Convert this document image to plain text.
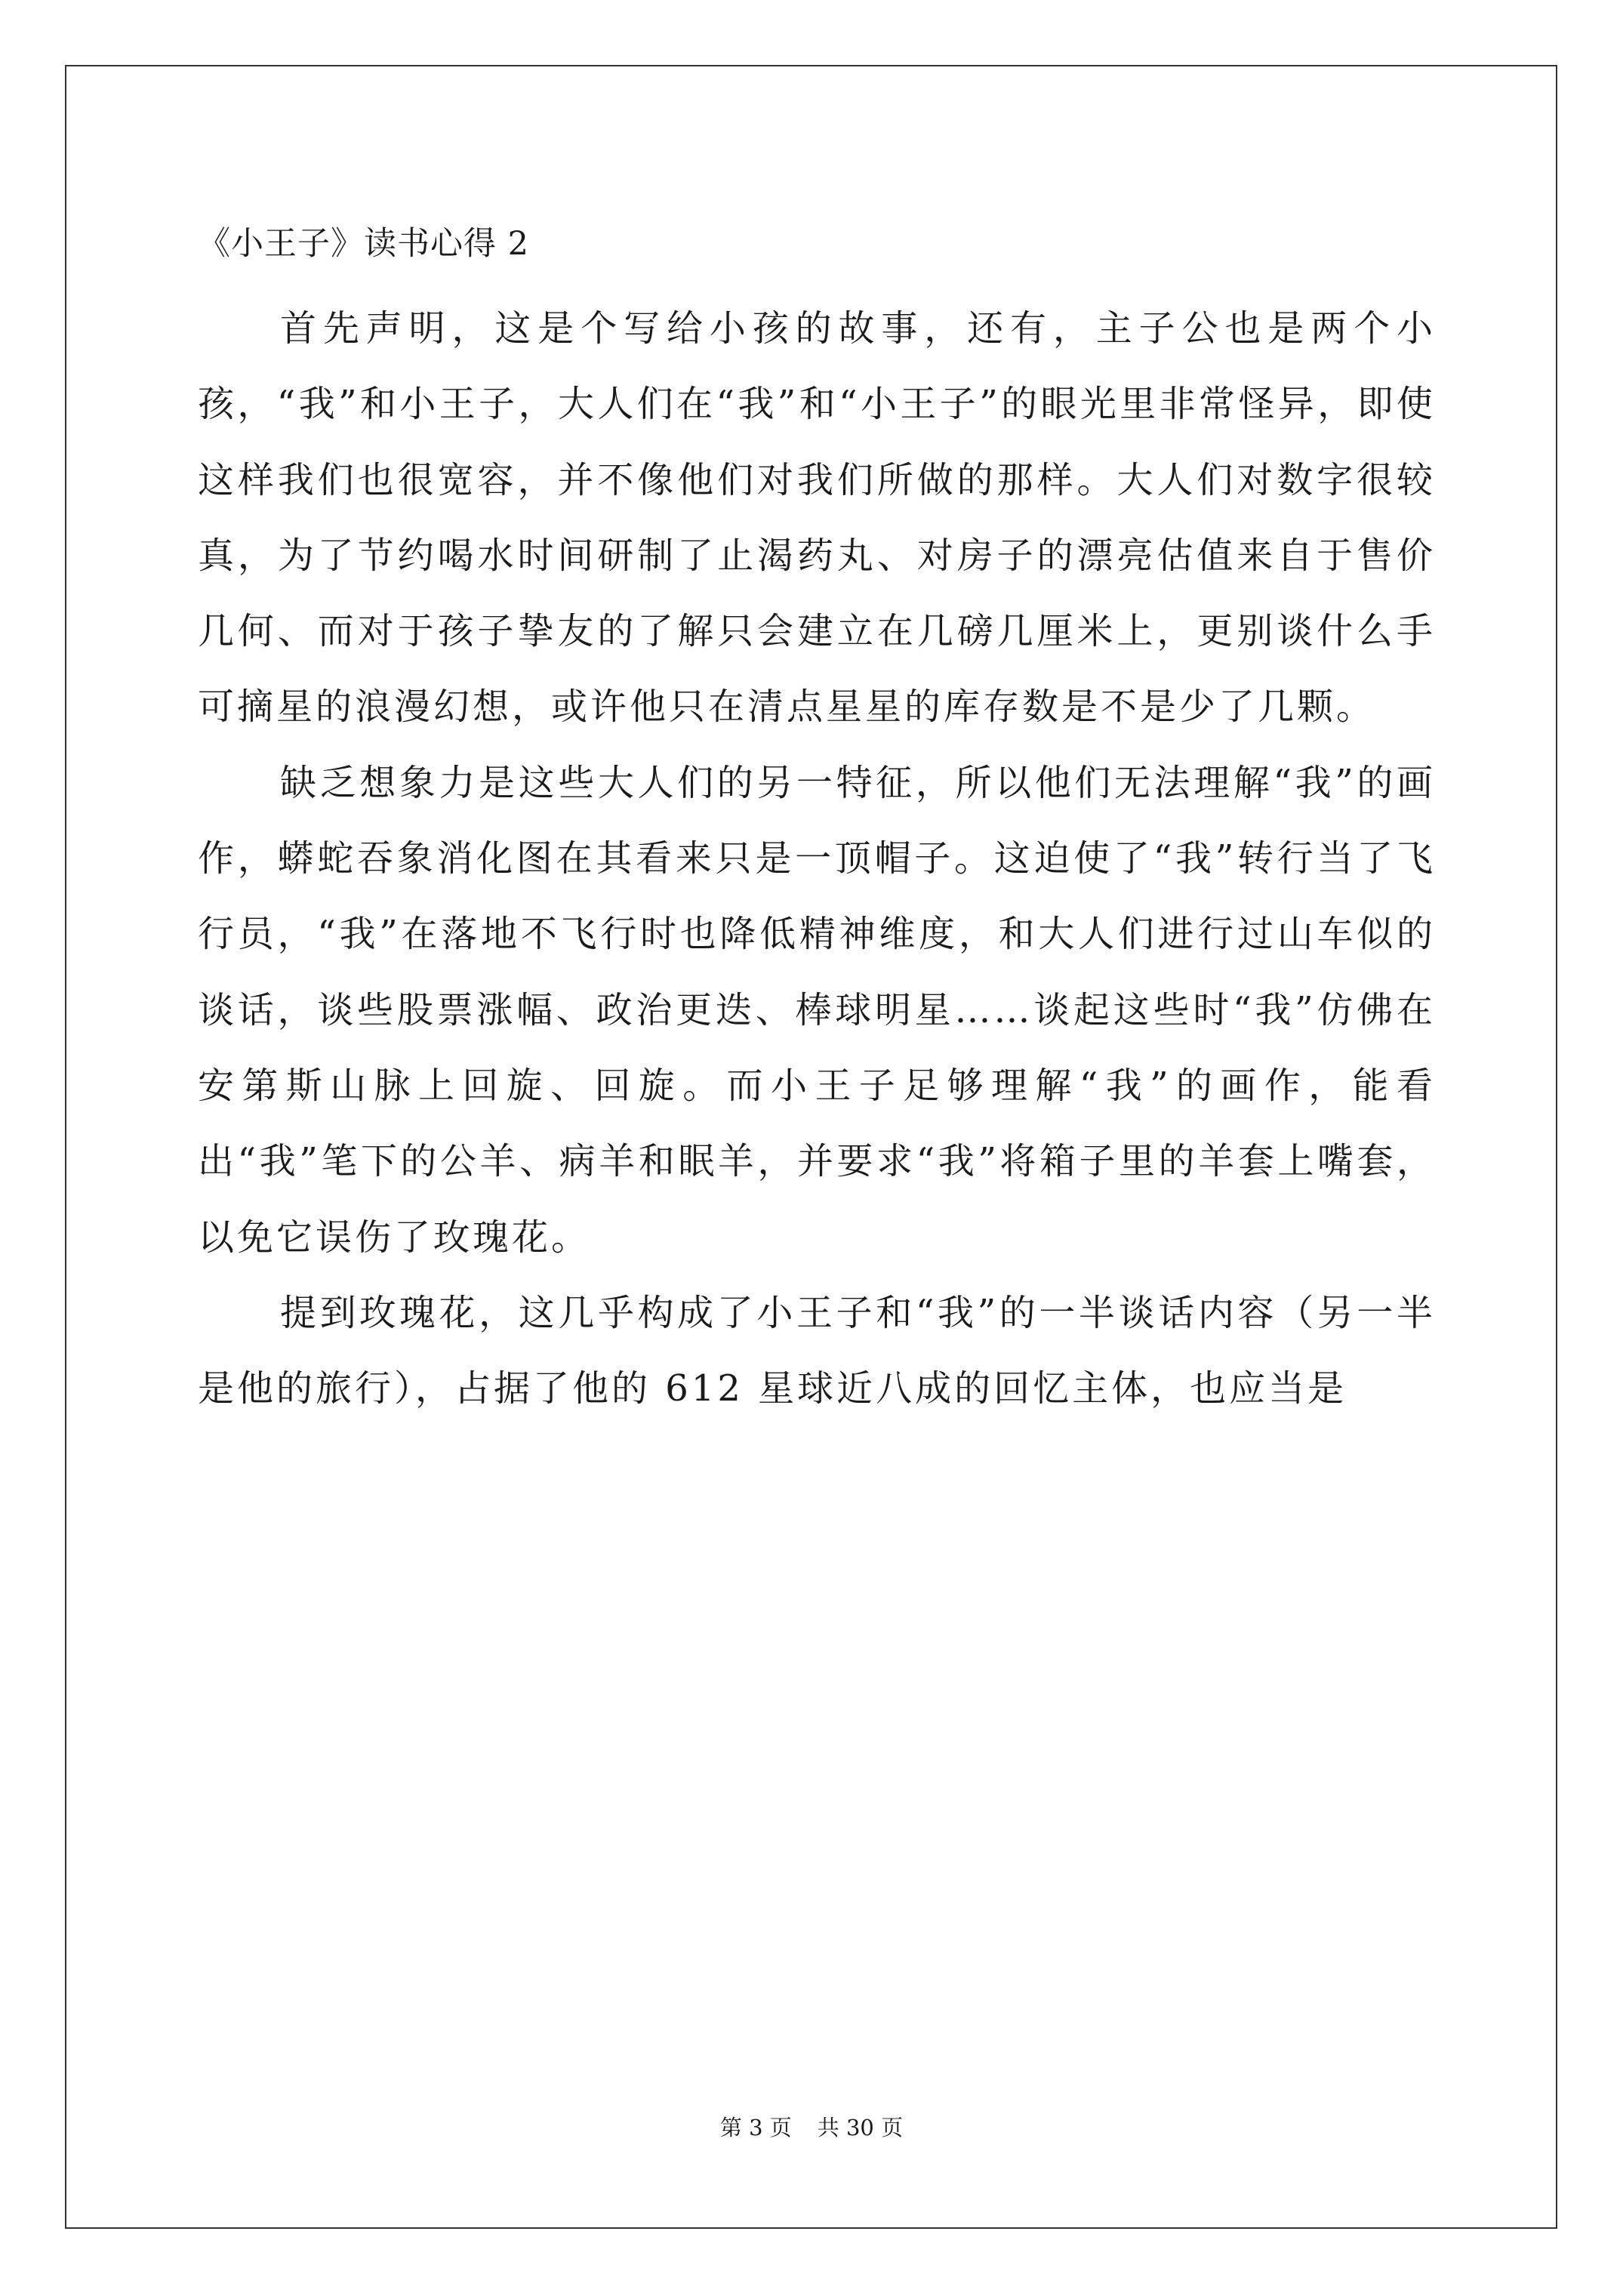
《小王子》读书心得 2

首先声明，这是个写给小孩的故事，还有，主子公也是两个小孩，“我”和小王子，大人们在“我”和“小王子”的眼光里非常怪异，即使这样我们也很宽容，并不像他们对我们所做的那样。大人们对数字很较真，为了节约喝水时间研制了止渴药丸、对房子的漂亮估值来自于售价几何、而对于孩子挚友的了解只会建立在几磅几厘米上，更别谈什么手可摘星的浪漫幻想，或许他只在清点星星的库存数是不是少了几颗。

缺乏想象力是这些大人们的另一特征，所以他们无法理解“我”的画作，蟒蛇吞象消化图在其看来只是一顶帽子。这迫使了“我”转行当了飞行员，“我”在落地不飞行时也降低精神维度，和大人们进行过山车似的谈话，谈些股票涨幅、政治更迭、棒球明星……谈起这些时“我”仿佛在安第斯山脉上回旋、回旋。而小王子足够理解“我”的画作，能看出“我”笔下的公羊、病羊和眠羊，并要求“我”将箱子里的羊套上嘴套，以免它误伤了玫瑰花。

提到玫瑰花，这几乎构成了小王子和“我”的一半谈话内容（另一半是他的旅行），占据了他的 612 星球近八成的回忆主体，也应当是

第 3 页 共 30 页
